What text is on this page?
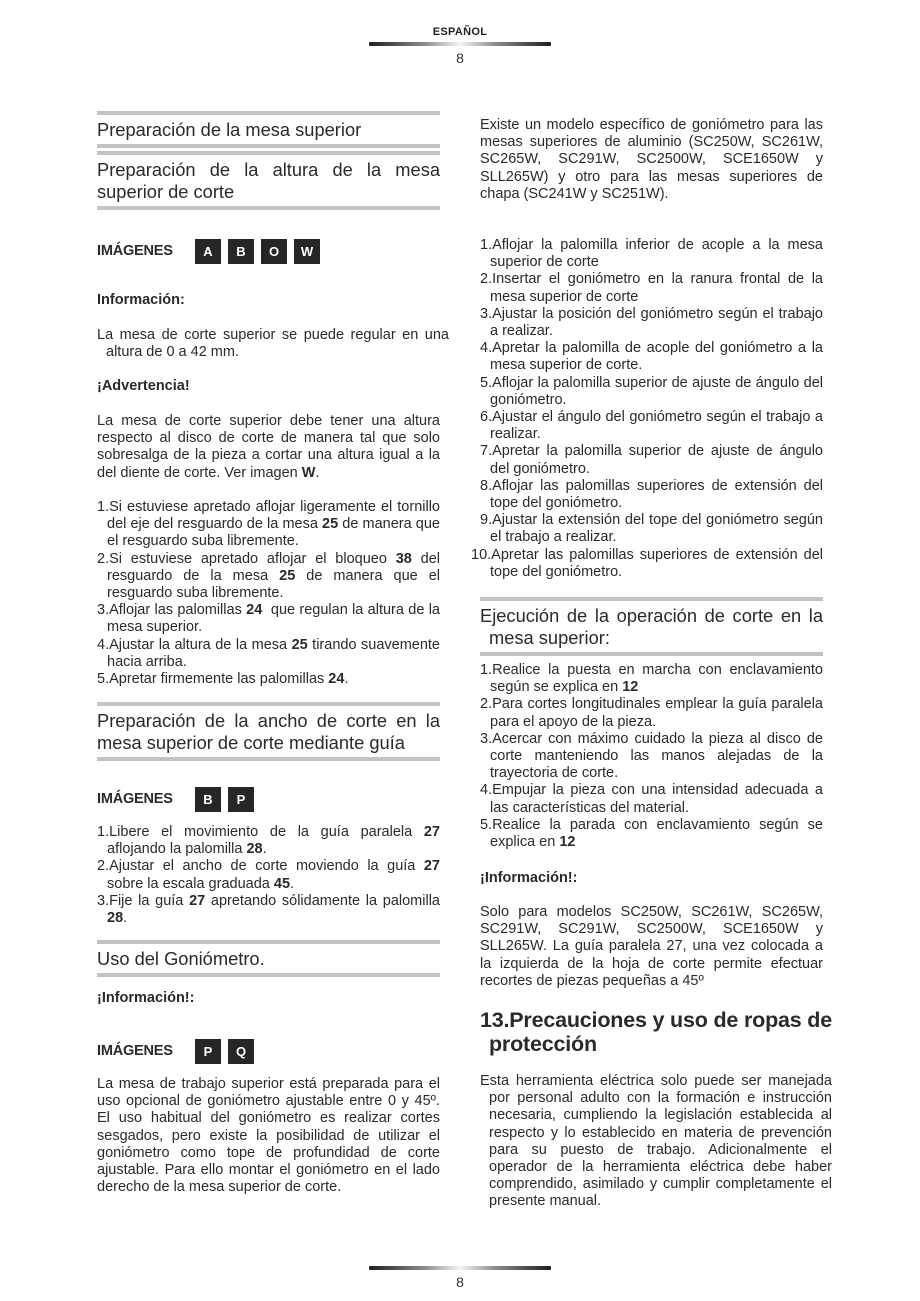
ESPAÑOL
8
Preparación de la mesa superior
Preparación de la altura de la mesa superior de corte
IMÁGENES	A	B	O	W
Información:

La mesa de corte superior se puede regular en una altura de 0 a 42 mm.

¡Advertencia!

La mesa de corte superior debe tener una altura respecto al disco de corte de manera tal que solo sobresalga de la pieza a cortar una altura igual a la del diente de corte. Ver imagen W.

1.Si estuviese apretado aflojar ligeramente el tornillo del eje del resguardo de la mesa 25 de manera que el resguardo suba libremente.
2.Si estuviese apretado aflojar el bloqueo 38 del resguardo de la mesa 25 de manera que el resguardo suba libremente.
3.Aflojar las palomillas 24  que regulan la altura de la mesa superior.
4.Ajustar la altura de la mesa 25 tirando suavemente hacia arriba.
5.Apretar firmemente las palomillas 24.
Preparación de la ancho de corte en la mesa superior de corte mediante guía
IMÁGENES	B	P
1.Libere el movimiento de la guía paralela 27 aflojando la palomilla 28.
2.Ajustar el ancho de corte moviendo la guía 27 sobre la escala graduada 45.
3.Fije la guía 27 apretando sólidamente la palomilla 28.
Uso del Goniómetro.
¡Información!:
IMÁGENES	P	Q

La mesa de trabajo superior está preparada para el uso opcional de goniómetro ajustable entre 0 y 45º. El uso habitual del goniómetro es realizar cortes sesgados, pero existe la posibilidad de utilizar el goniómetro como tope de profundidad de corte ajustable. Para ello montar el goniómetro en el lado derecho de la mesa superior de corte.

Existe un modelo específico de goniómetro para las mesas superiores de aluminio (SC250W, SC261W, SC265W, SC291W, SC2500W, SCE1650W y SLL265W) y otro para las mesas superiores de chapa (SC241W y SC251W).

1.Aflojar la palomilla inferior de acople a la mesa superior de corte
2.Insertar el goniómetro en la ranura frontal de la mesa superior de corte
3.Ajustar la posición del goniómetro según el trabajo a realizar.
4.Apretar la palomilla de acople del goniómetro a la mesa superior de corte.
5.Aflojar la palomilla superior de ajuste de ángulo del goniómetro.
6.Ajustar el ángulo del goniómetro según el trabajo a realizar.
7.Apretar la palomilla superior de ajuste de ángulo del goniómetro.
8.Aflojar las palomillas superiores de extensión del tope del goniómetro.
9.Ajustar la extensión del tope del goniómetro según el trabajo a realizar.
10.Apretar las palomillas superiores de extensión del tope del goniómetro.
Ejecución de la operación de corte en la mesa superior:
1.Realice la puesta en marcha con enclavamiento según se explica en 12
2.Para cortes longitudinales emplear la guía paralela para el apoyo de la pieza.
3.Acercar con máximo cuidado la pieza al disco de corte manteniendo las manos alejadas de la trayectoria de corte.
4.Empujar la pieza con una intensidad adecuada a las características del material.
5.Realice la parada con enclavamiento según se explica en 12
¡Información!:

Solo para modelos SC250W, SC261W, SC265W, SC291W, SC291W, SC2500W, SCE1650W y SLL265W. La guía paralela 27, una vez colocada a la izquierda de la hoja de corte permite efectuar recortes de piezas pequeñas a 45º

13.Precauciones y uso de ropas de protección

Esta herramienta eléctrica solo puede ser manejada por personal adulto con la formación e instrucción necesaria, cumpliendo la legislación establecida al respecto y lo establecido en materia de prevención para su puesto de trabajo. Adicionalmente el operador de la herramienta eléctrica debe haber comprendido, asimilado y cumplir completamente el presente manual.

8
